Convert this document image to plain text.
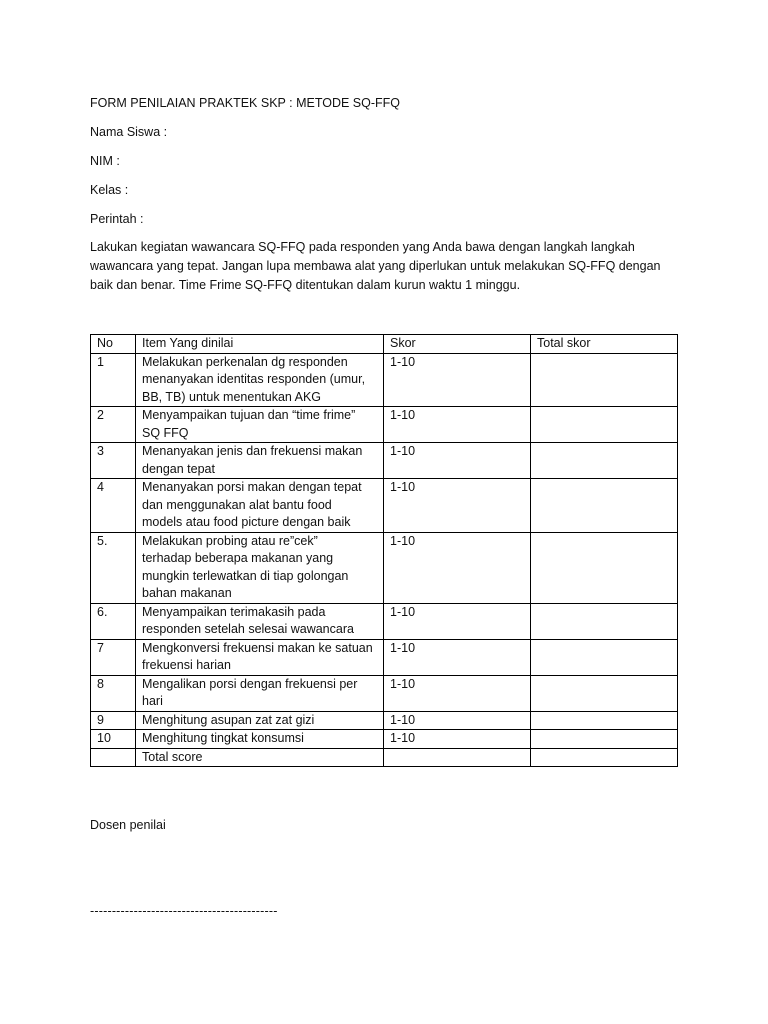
FORM PENILAIAN PRAKTEK SKP : METODE SQ-FFQ
Nama Siswa :
NIM :
Kelas :
Perintah :
Lakukan kegiatan wawancara SQ-FFQ pada responden yang Anda bawa dengan langkah langkah
wawancara yang tepat. Jangan lupa membawa alat yang diperlukan untuk melakukan SQ-FFQ dengan
baik dan benar. Time Frime SQ-FFQ ditentukan dalam kurun waktu 1 minggu.
No	Item Yang dinilai	Skor	Total skor
1	Melakukan perkenalan dg responden
menanyakan identitas responden (umur,
BB, TB) untuk menentukan AKG	1-10	
2	Menyampaikan tujuan dan “time frime”
SQ FFQ	1-10	
3	Menanyakan jenis dan frekuensi makan
dengan tepat	1-10	
4	Menanyakan porsi makan dengan tepat
dan menggunakan alat bantu food
models atau food picture dengan baik	1-10	
5.	Melakukan probing atau re”cek”
terhadap beberapa makanan yang
mungkin terlewatkan di tiap golongan
bahan makanan	1-10	
6.	Menyampaikan terimakasih pada
responden setelah selesai wawancara	1-10	
7	Mengkonversi frekuensi makan ke satuan
frekuensi harian	1-10	
8	Mengalikan porsi dengan frekuensi per
hari	1-10	
9	Menghitung asupan zat zat gizi	1-10	
10	Menghitung tingkat konsumsi	1-10	
	Total score		
Dosen penilai
-------------------------------------------
